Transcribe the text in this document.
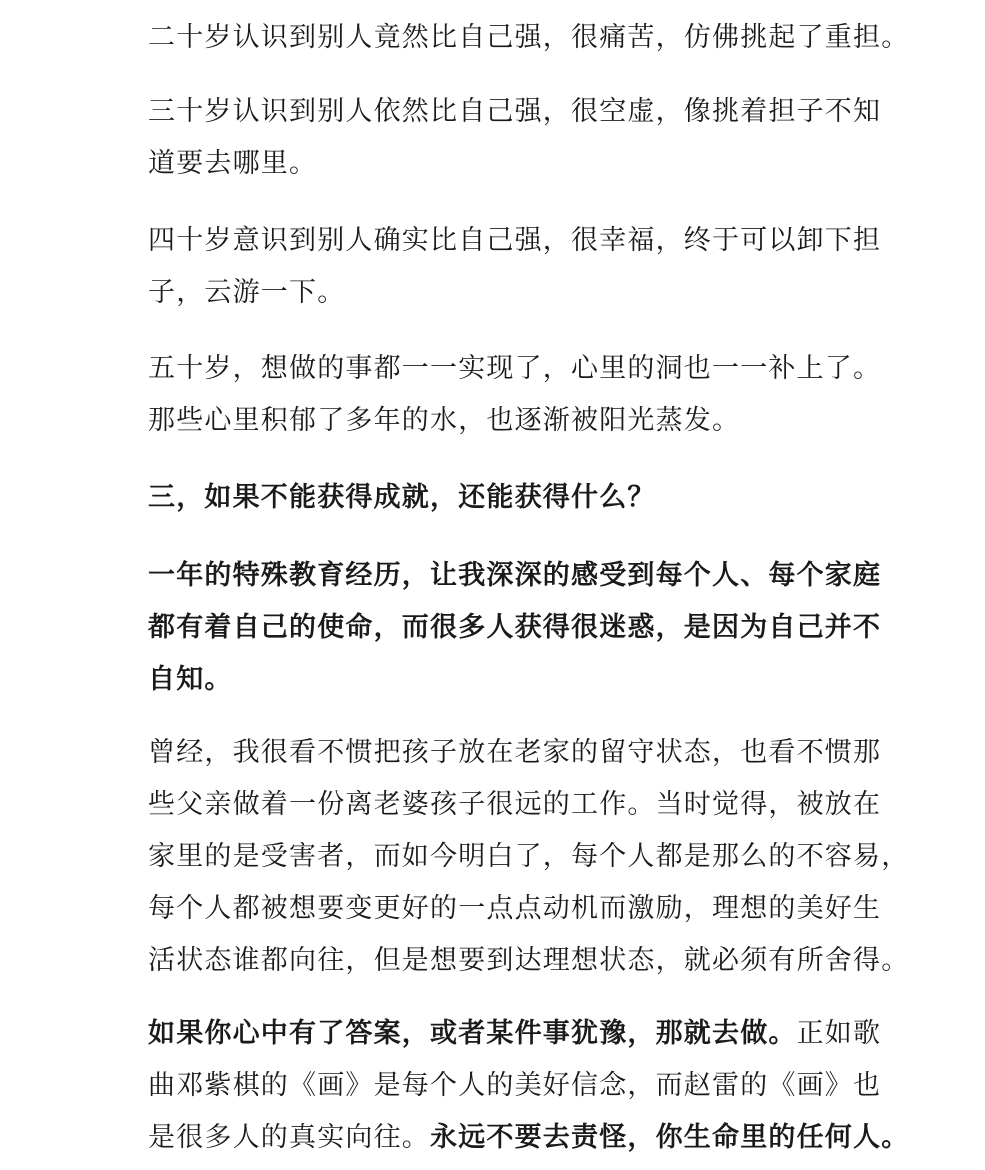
二十岁认识到别人竟然比自己强，很痛苦，仿佛挑起了重担。

三十岁认识到别人依然比自己强，很空虚，像挑着担子不知
道要去哪里。

四十岁意识到别人确实比自己强，很幸福，终于可以卸下担
子，云游一下。

五十岁，想做的事都一一实现了，心里的洞也一一补上了。
那些心里积郁了多年的水，也逐渐被阳光蒸发。

三，如果不能获得成就，还能获得什么？

一年的特殊教育经历，让我深深的感受到每个人、每个家庭
都有着自己的使命，而很多人获得很迷惑，是因为自己并不
自知。

曾经，我很看不惯把孩子放在老家的留守状态，也看不惯那
些父亲做着一份离老婆孩子很远的工作。当时觉得，被放在
家里的是受害者，而如今明白了，每个人都是那么的不容易，
每个人都被想要变更好的一点点动机而激励，理想的美好生
活状态谁都向往，但是想要到达理想状态，就必须有所舍得。

如果你心中有了答案，或者某件事犹豫，那就去做。正如歌
曲邓紫棋的《画》是每个人的美好信念，而赵雷的《画》也
是很多人的真实向往。永远不要去责怪，你生命里的任何人。
